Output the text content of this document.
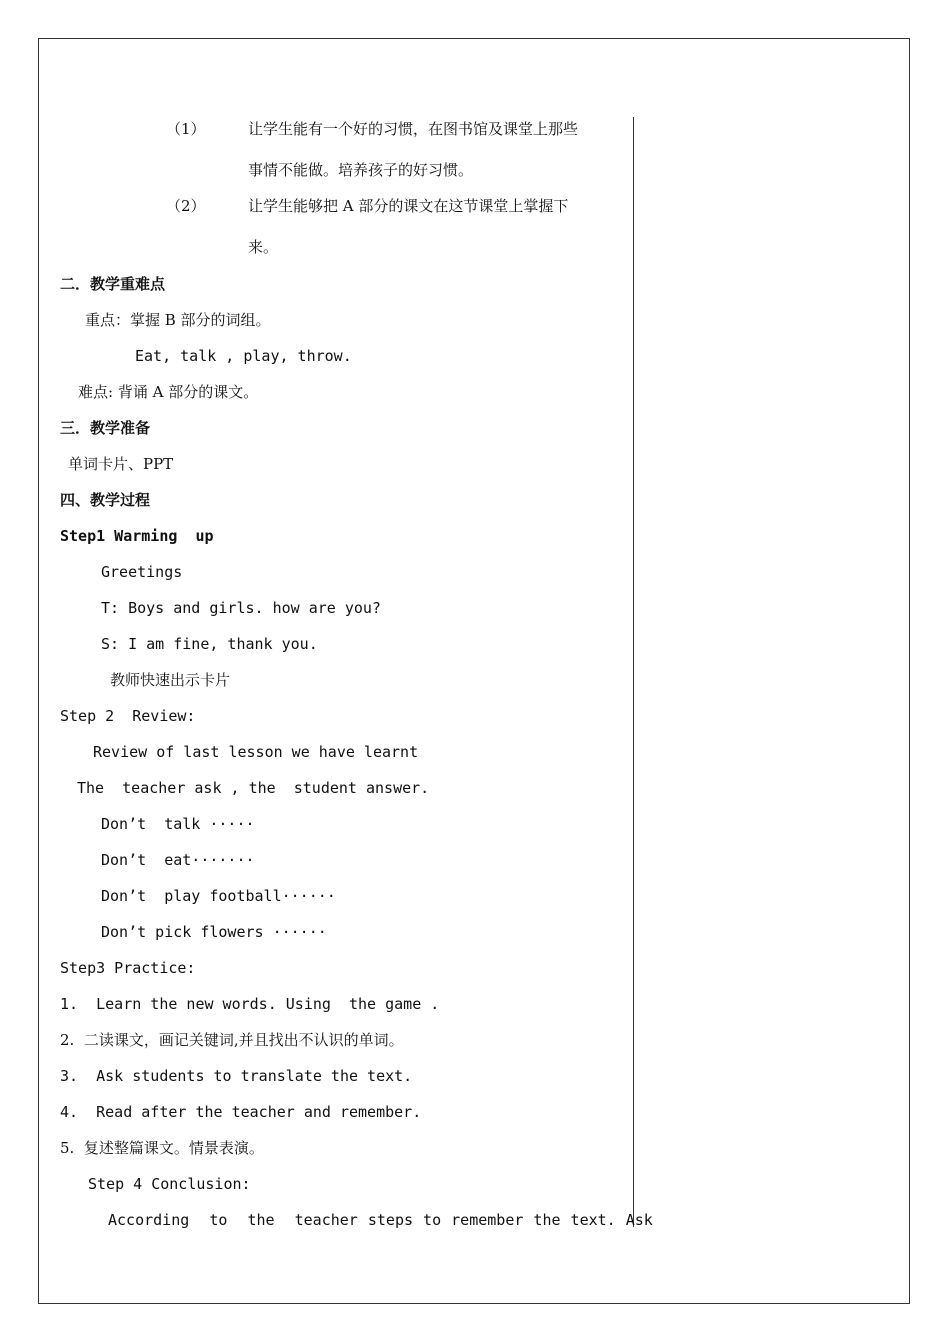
（1）	让学生能有一个好的习惯，在图书馆及课堂上那些
事情不能做。培养孩子的好习惯。
（2）	让学生能够把 A 部分的课文在这节课堂上掌握下
来。
二．教学重难点
重点：掌握 B 部分的词组。
Eat, talk , play, throw.
难点: 背诵 A 部分的课文。
三．教学准备
单词卡片、PPT
四、教学过程
Step1 Warming  up
Greetings
T: Boys and girls. how are you?
S: I am fine, thank you.
教师快速出示卡片
Step 2  Review:
Review of last lesson we have learnt
The  teacher ask , the  student answer.
Don’t  talk ·····
Don’t  eat·······
Don’t  play football······
Don’t pick flowers ······
Step3 Practice:
1.  Learn the new words. Using  the game .
2.  二读课文，画记关键词,并且找出不认识的单词。
3.  Ask students to translate the text.
4.  Read after the teacher and remember.
5.  复述整篇课文。情景表演。
Step 4 Conclusion:
According  to  the  teacher steps to remember the text. Ask
